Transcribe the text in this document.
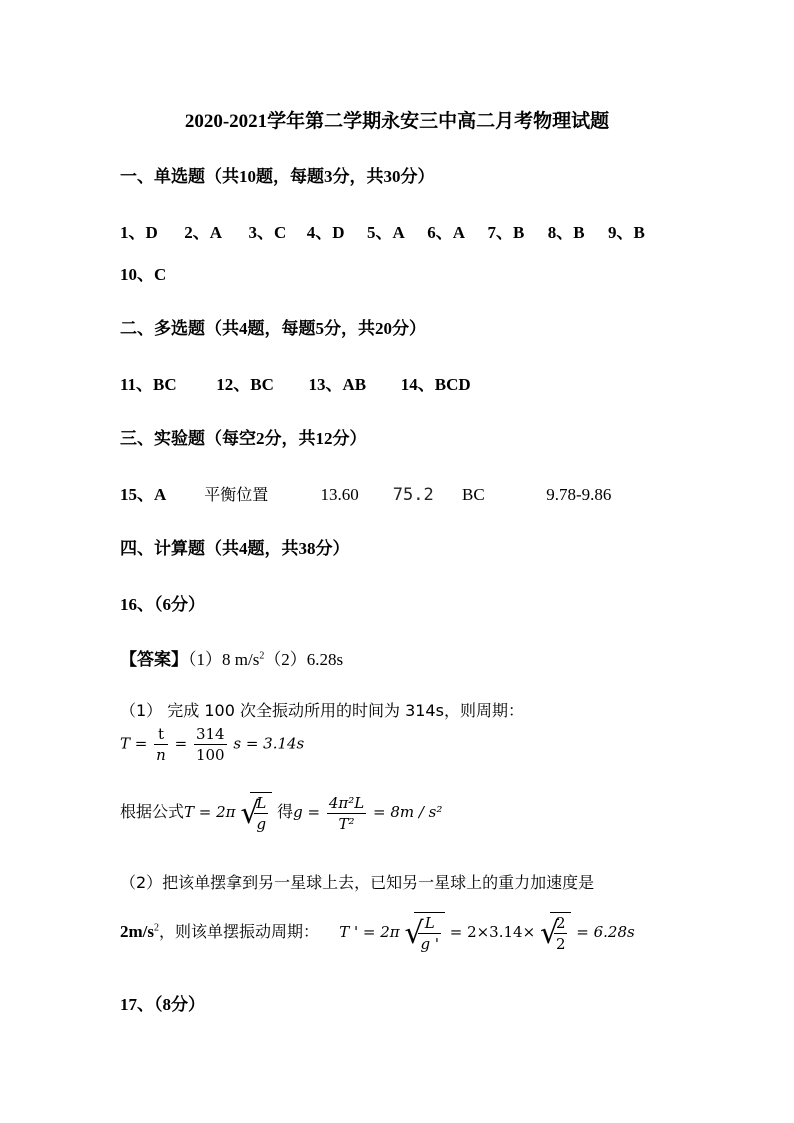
2020-2021学年第二学期永安三中高二月考物理试题
一、单选题（共10题，每题3分，共30分）
1、D 2、A 3、C 4、D 5、A 6、A 7、B 8、B 9、B
10、C
二、多选题（共4题，每题5分，共20分）
11、BC 12、BC 13、AB 14、BCD
三、实验题（每空2分，共12分）
15、A 平衡位置	13.60 75.2 BC	9.78-9.86
四、计算题（共4题，共38分）
16、（6分）
【答案】（1）8 $m/s^2(2)6.28s$
（1） 完成 100 次全振动所用的时间为 314s，则周期：
$T = \frac{t}{n} = \frac{314}{100}$ s = 3.14s
根据公式T = 2π √
$\frac{L}{g}$ 得$g = \frac{\text{4π²L}}{\text{T²}} = 8m / s^2$
（2）把该单摆拿到另一星球上去，已知另一星球上的重力加速度是
$2m/s^2$，则该单摆振动周期： T ' = 2π √
$\frac{L}{g '} = 2\times 3.14\times$ √
$\frac{2}{2} = 6.28s$
17、（8分）
